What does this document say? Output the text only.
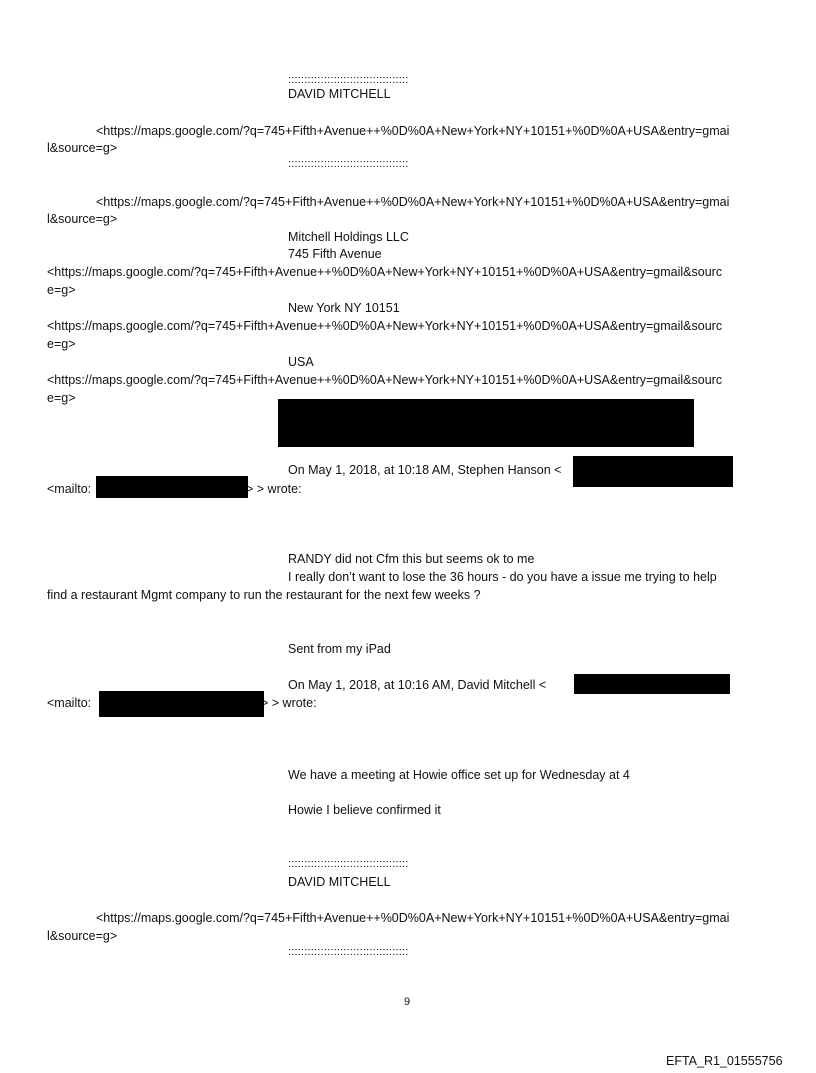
:::::::::::::::::::::::::::::::::::::
DAVID MITCHELL
<https://maps.google.com/?q=745+Fifth+Avenue++%0D%0A+New+York+NY+10151+%0D%0A+USA&entry=gmai
l&source=g>
:::::::::::::::::::::::::::::::::::::
<https://maps.google.com/?q=745+Fifth+Avenue++%0D%0A+New+York+NY+10151+%0D%0A+USA&entry=gmai
l&source=g>
Mitchell Holdings LLC
745 Fifth Avenue
<https://maps.google.com/?q=745+Fifth+Avenue++%0D%0A+New+York+NY+10151+%0D%0A+USA&entry=gmail&sourc
e=g>
New York NY 10151
<https://maps.google.com/?q=745+Fifth+Avenue++%0D%0A+New+York+NY+10151+%0D%0A+USA&entry=gmail&sourc
e=g>
USA
<https://maps.google.com/?q=745+Fifth+Avenue++%0D%0A+New+York+NY+10151+%0D%0A+USA&entry=gmail&sourc
e=g>
On May 1, 2018, at 10:18 AM, Stephen Hanson <
<mailto:	> > wrote:
RANDY did not Cfm this but seems ok to me
I really don’t want to lose the 36 hours - do you have a issue me trying to help
find a restaurant Mgmt company to run the restaurant for the next few weeks ?
Sent from my iPad
On May 1, 2018, at 10:16 AM, David Mitchell <
<mailto:	> > wrote:
We have a meeting at Howie office set up for Wednesday at 4
Howie I believe confirmed it
:::::::::::::::::::::::::::::::::::::
DAVID MITCHELL
<https://maps.google.com/?q=745+Fifth+Avenue++%0D%0A+New+York+NY+10151+%0D%0A+USA&entry=gmai
l&source=g>
:::::::::::::::::::::::::::::::::::::
9
EFTA_R1_01555756
